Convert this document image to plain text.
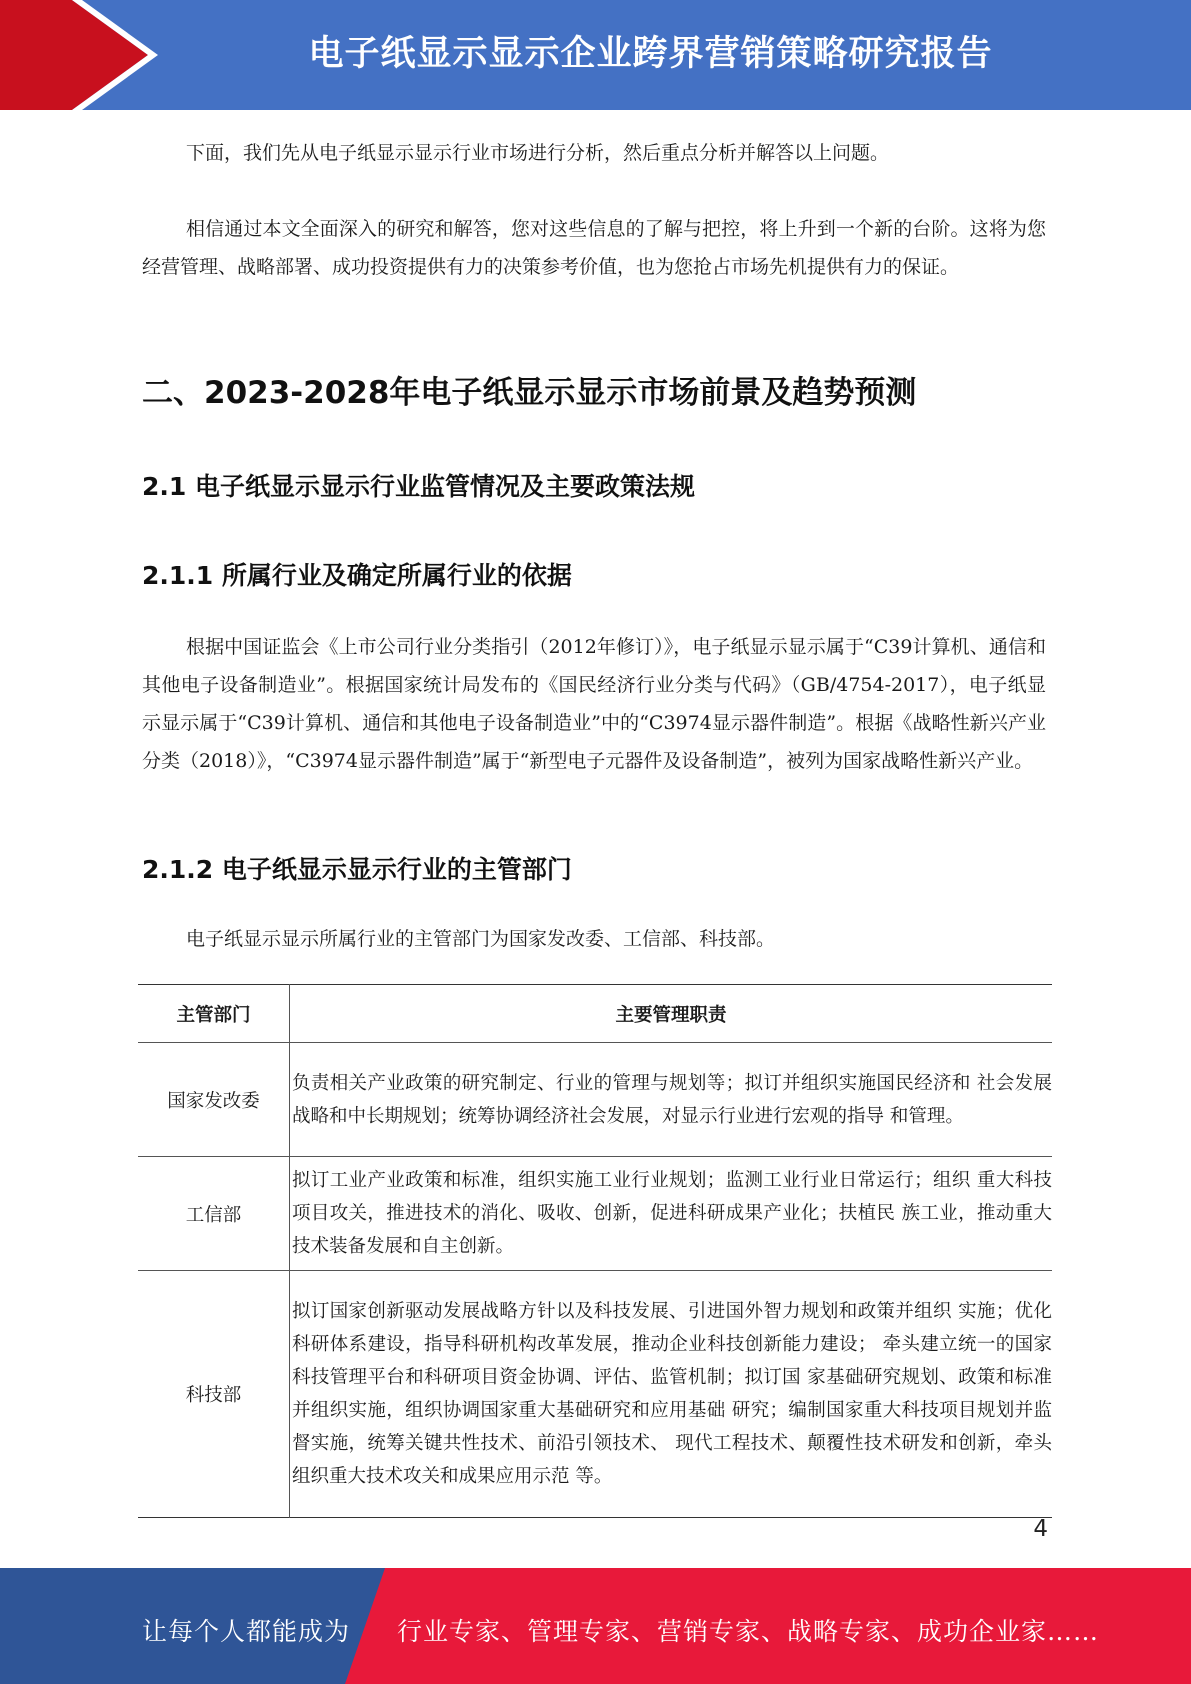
电子纸显示显示企业跨界营销策略研究报告

下面，我们先从电子纸显示显示行业市场进行分析，然后重点分析并解答以上问题。

相信通过本文全面深入的研究和解答，您对这些信息的了解与把控，将上升到一个新的台阶。这将为您经营管理、战略部署、成功投资提供有力的决策参考价值，也为您抢占市场先机提供有力的保证。

二、2023-2028年电子纸显示显示市场前景及趋势预测
2.1 电子纸显示显示行业监管情况及主要政策法规
2.1.1 所属行业及确定所属行业的依据

根据中国证监会《上市公司行业分类指引（2012年修订）》，电子纸显示显示属于“C39计算机、通信和其他电子设备制造业”。根据国家统计局发布的《国民经济行业分类与代码》（GB/4754-2017），电子纸显示显示属于“C39计算机、通信和其他电子设备制造业”中的“C3974显示器件制造”。根据《战略性新兴产业分类（2018）》，“C3974显示器件制造”属于“新型电子元器件及设备制造”，被列为国家战略性新兴产业。

2.1.2 电子纸显示显示行业的主管部门

电子纸显示显示所属行业的主管部门为国家发改委、工信部、科技部。

主管部门	主要管理职责
国家发改委	负责相关产业政策的研究制定、行业的管理与规划等；拟订并组织实施国民经济和 社会发展战略和中长期规划；统筹协调经济社会发展，对显示行业进行宏观的指导 和管理。
工信部	拟订工业产业政策和标准，组织实施工业行业规划；监测工业行业日常运行；组织 重大科技项目攻关，推进技术的消化、吸收、创新，促进科研成果产业化；扶植民 族工业，推动重大技术装备发展和自主创新。
科技部	拟订国家创新驱动发展战略方针以及科技发展、引进国外智力规划和政策并组织 实施；优化科研体系建设，指导科研机构改革发展，推动企业科技创新能力建设； 牵头建立统一的国家科技管理平台和科研项目资金协调、评估、监管机制；拟订国 家基础研究规划、政策和标准并组织实施，组织协调国家重大基础研究和应用基础 研究；编制国家重大科技项目规划并监督实施，统筹关键共性技术、前沿引领技术、 现代工程技术、颠覆性技术研发和创新，牵头组织重大技术攻关和成果应用示范 等。
4
让每个人都能成为 行业专家、管理专家、营销专家、战略专家、成功企业家……
